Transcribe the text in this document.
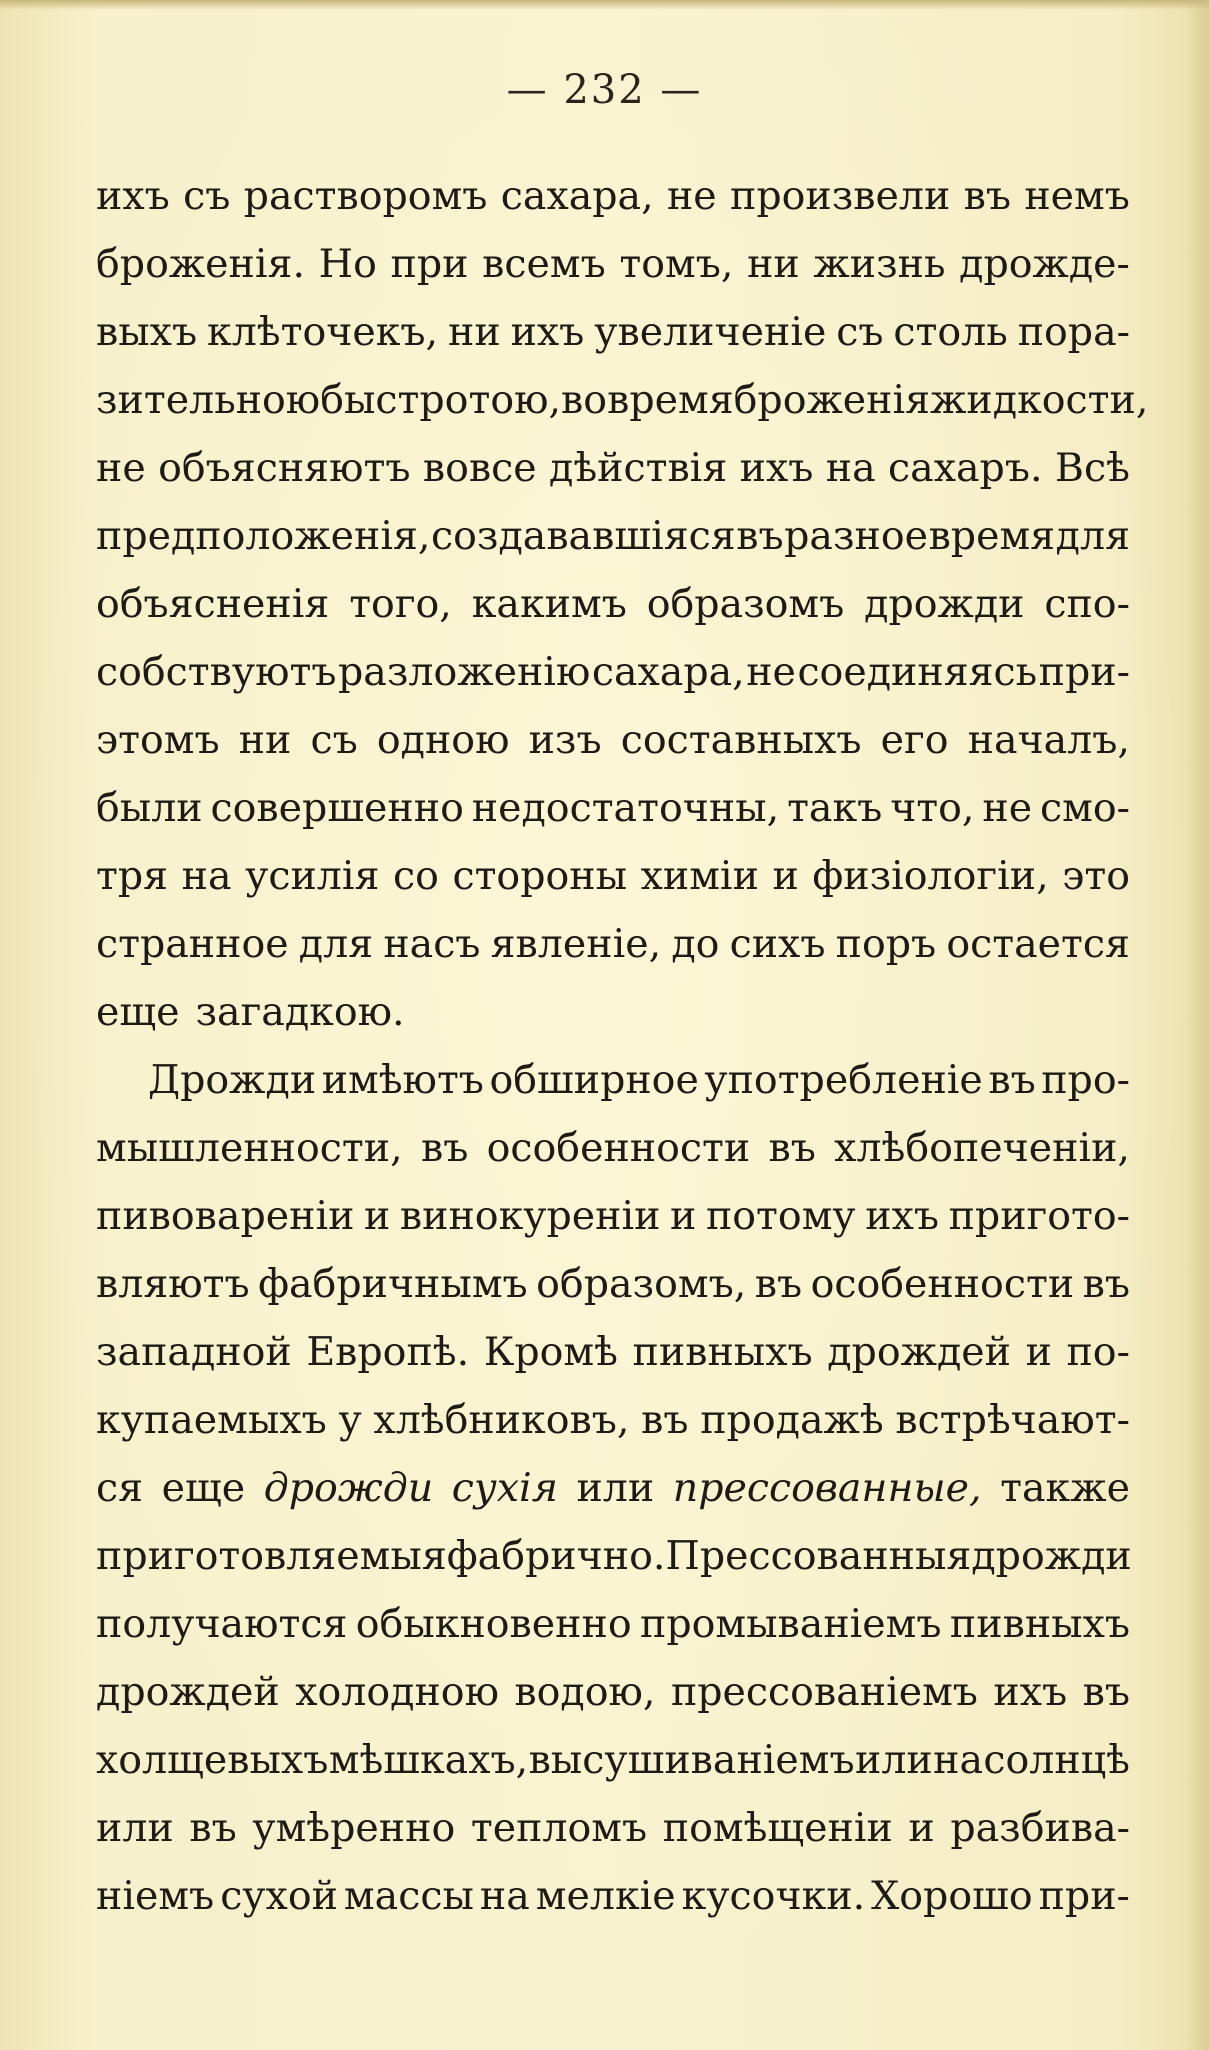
— 232 —
ихъ съ растворомъ сахара, не произвели въ немъ
броженія. Но при всемъ томъ, ни жизнь дрожде-
выхъ клѣточекъ, ни ихъ увеличеніе съ столь пора-
зительною быстротою, во время броженія жидкости,
не объясняютъ вовсе дѣйствія ихъ на сахаръ. Всѣ
предположенія, создававшіяся въ разное время для
объясненія того, какимъ образомъ дрожди спо-
собствуютъ разложенію сахара, не соединяясь при-
этомъ ни съ одною изъ составныхъ его началъ,
были совершенно недостаточны, такъ что, не смо-
тря на усилія со стороны химіи и физіологіи, это
странное для насъ явленіе, до сихъ поръ остается
еще загадкою.
Дрожди имѣютъ обширное употребленіе въ про-
мышленности, въ особенности въ хлѣбопеченіи,
пивовареніи и винокуреніи и потому ихъ пригото-
вляютъ фабричнымъ образомъ, въ особенности въ
западной Европѣ. Кромѣ пивныхъ дрождей и по-
купаемыхъ у хлѣбниковъ, въ продажѣ встрѣчают-
ся еще дрожди сухія или прессованные, также
приготовляемыя фабрично. Прессованныя дрожди
получаются обыкновенно промываніемъ пивныхъ
дрождей холодною водою, прессованіемъ ихъ въ
холщевыхъ мѣшкахъ, высушиваніемъ или на солнцѣ
или въ умѣренно тепломъ помѣщеніи и разбива-
ніемъ сухой массы на мелкіе кусочки. Хорошо при-
